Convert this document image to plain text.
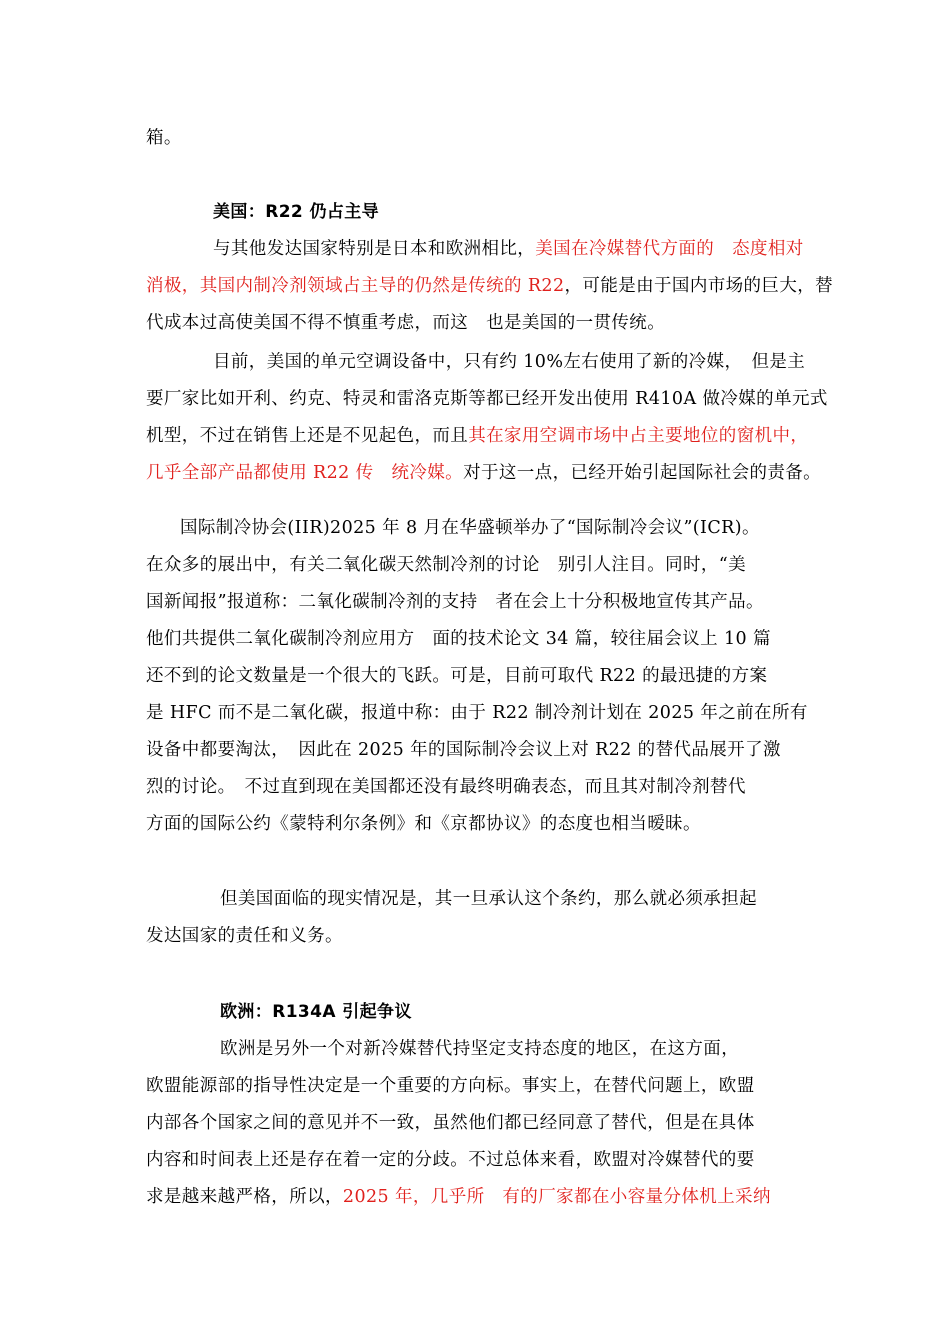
箱。
美国：R22 仍占主导
与其他发达国家特别是日本和欧洲相比，美国在冷媒替代方面的　态度相对
消极，其国内制冷剂领域占主导的仍然是传统的 R22，可能是由于国内市场的巨大，替
代成本过高使美国不得不慎重考虑，而这　也是美国的一贯传统。
目前，美国的单元空调设备中，只有约 10%左右使用了新的冷媒，　但是主
要厂家比如开利、约克、特灵和雷洛克斯等都已经开发出使用 R410A 做冷媒的单元式
机型，不过在销售上还是不见起色，而且其在家用空调市场中占主要地位的窗机中，
几乎全部产品都使用 R22 传　统冷媒。对于这一点，已经开始引起国际社会的责备。
国际制冷协会(IIR)2025 年 8 月在华盛顿举办了“国际制冷会议”(ICR)。
在众多的展出中，有关二氧化碳天然制冷剂的讨论　别引人注目。同时，“美
国新闻报”报道称：二氧化碳制冷剂的支持　者在会上十分积极地宣传其产品。
他们共提供二氧化碳制冷剂应用方　面的技术论文 34 篇，较往届会议上 10 篇
还不到的论文数量是一个很大的飞跃。可是，目前可取代 R22 的最迅捷的方案
是 HFC 而不是二氧化碳，报道中称：由于 R22 制冷剂计划在 2025 年之前在所有
设备中都要淘汰，　因此在 2025 年的国际制冷会议上对 R22 的替代品展开了激
烈的讨论。　不过直到现在美国都还没有最终明确表态，而且其对制冷剂替代
方面的国际公约《蒙特利尔条例》和《京都协议》的态度也相当暧昧。
但美国面临的现实情况是，其一旦承认这个条约，那么就必须承担起
发达国家的责任和义务。
欧洲：R134A 引起争议
欧洲是另外一个对新冷媒替代持坚定支持态度的地区，在这方面，
欧盟能源部的指导性决定是一个重要的方向标。事实上，在替代问题上，欧盟
内部各个国家之间的意见并不一致，虽然他们都已经同意了替代，但是在具体
内容和时间表上还是存在着一定的分歧。不过总体来看，欧盟对冷媒替代的要
求是越来越严格，所以，2025 年，几乎所　有的厂家都在小容量分体机上采纳
